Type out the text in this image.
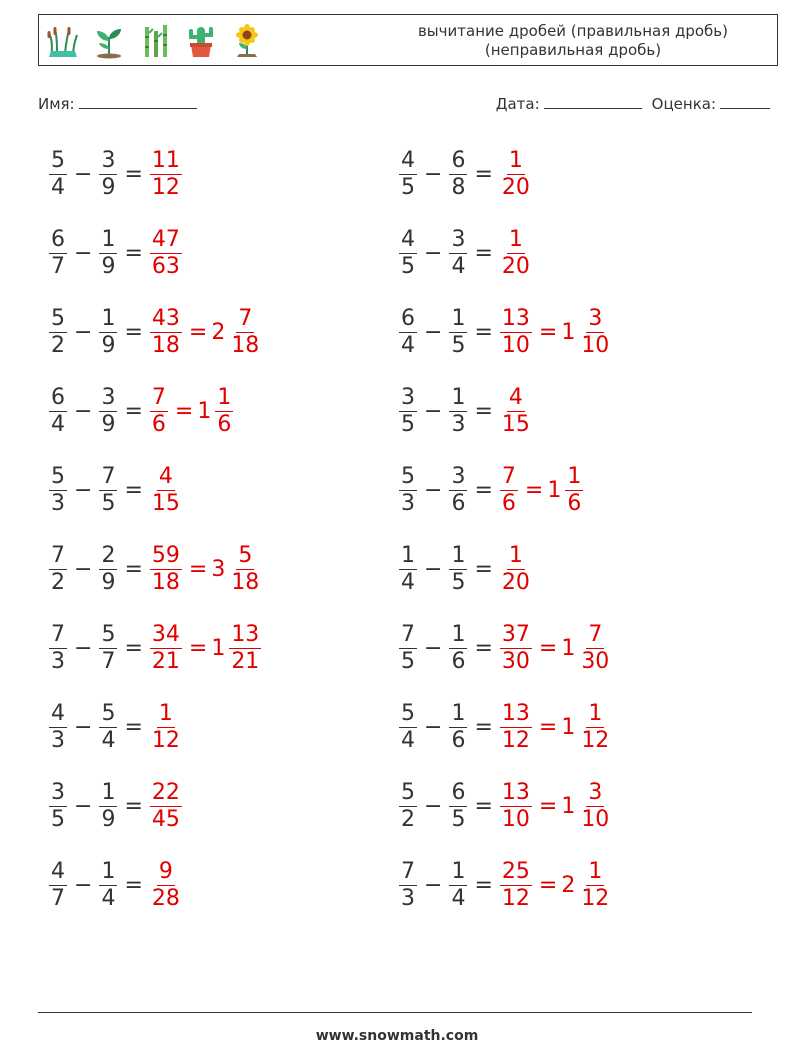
вычитание дробей (правильная дробь)
(неправильная дробь)
Имя:	Дата:	Оценка:
$\frac{5}{4} - \frac{3}{9} = \frac{11}{12}$	$\frac{4}{5} - \frac{6}{8} = \frac{1}{20}$
$\frac{6}{7} - \frac{1}{9} = \frac{47}{63}$	$\frac{4}{5} - \frac{3}{4} = \frac{1}{20}$
$\frac{5}{2} - \frac{1}{9} = \frac{43}{18} = 2 \frac{7}{18}$	$\frac{6}{4} - \frac{1}{5} = \frac{13}{10} = 1 \frac{3}{10}$
$\frac{6}{4} - \frac{3}{9} = \frac{7}{6} = 1 \frac{1}{6}$	$\frac{3}{5} - \frac{1}{3} = \frac{4}{15}$
$\frac{5}{3} - \frac{7}{5} = \frac{4}{15}$	$\frac{5}{3} - \frac{3}{6} = \frac{7}{6} = 1 \frac{1}{6}$
$\frac{7}{2} - \frac{2}{9} = \frac{59}{18} = 3 \frac{5}{18}$	$\frac{1}{4} - \frac{1}{5} = \frac{1}{20}$
$\frac{7}{3} - \frac{5}{7} = \frac{34}{21} = 1 \frac{13}{21}$	$\frac{7}{5} - \frac{1}{6} = \frac{37}{30} = 1 \frac{7}{30}$
$\frac{4}{3} - \frac{5}{4} = \frac{1}{12}$	$\frac{5}{4} - \frac{1}{6} = \frac{13}{12} = 1 \frac{1}{12}$
$\frac{3}{5} - \frac{1}{9} = \frac{22}{45}$	$\frac{5}{2} - \frac{6}{5} = \frac{13}{10} = 1 \frac{3}{10}$
$\frac{4}{7} - \frac{1}{4} = \frac{9}{28}$	$\frac{7}{3} - \frac{1}{4} = \frac{25}{12} = 2 \frac{1}{12}$
www.snowmath.com
